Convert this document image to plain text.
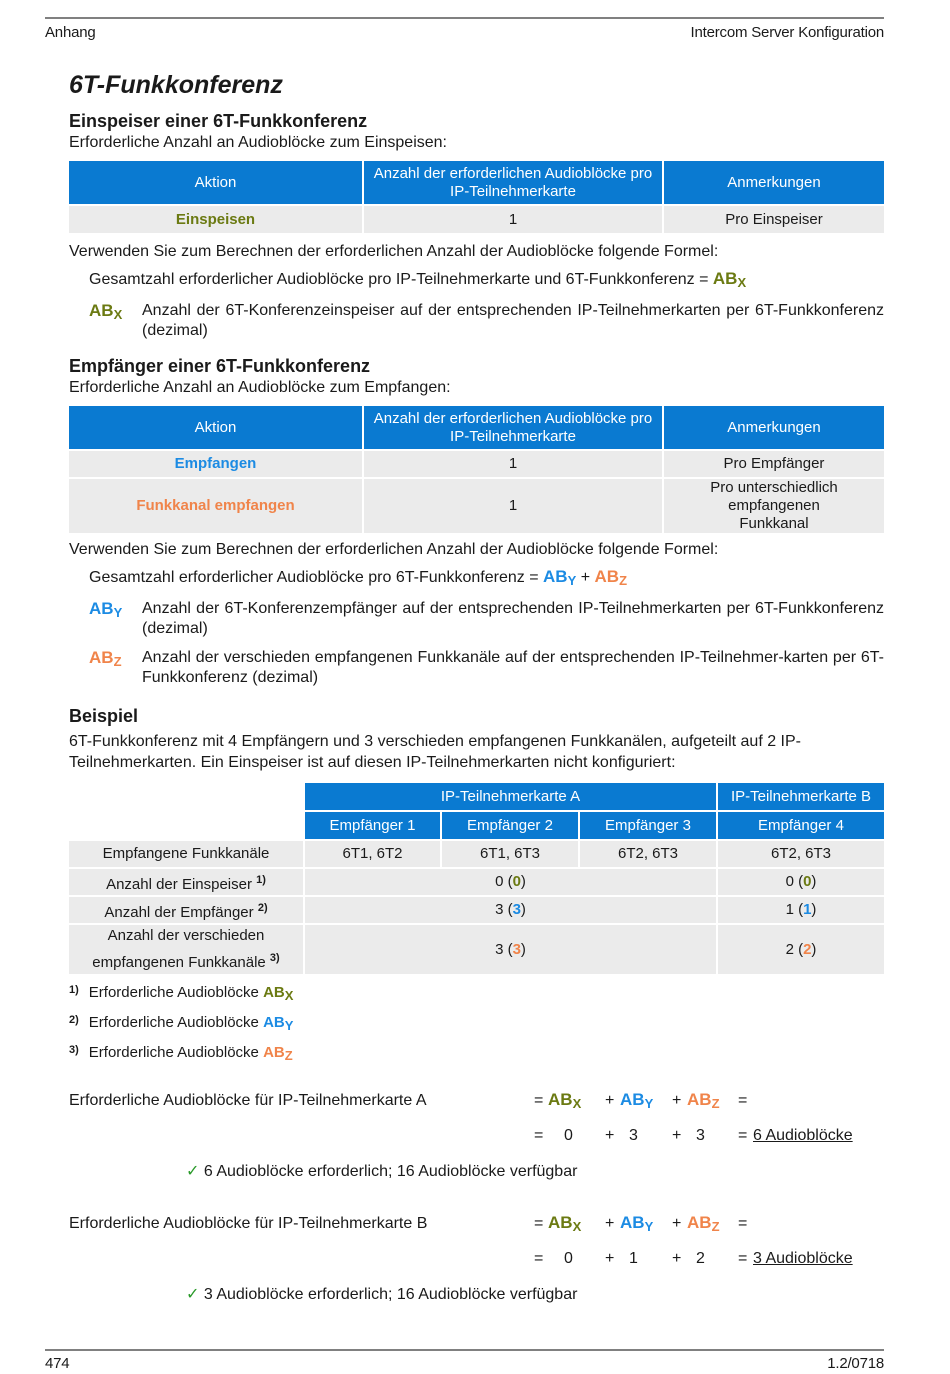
Anhang	Intercom Server Konfiguration
6T-Funkkonferenz
Einspeiser einer 6T-Funkkonferenz

Erforderliche Anzahl an Audioblöcke zum Einspeisen:

Aktion	Anzahl der erforderlichen Audioblöcke pro IP-Teilnehmerkarte	Anmerkungen
Einspeisen	1	Pro Einspeiser

Verwenden Sie zum Berechnen der erforderlichen Anzahl der Audioblöcke folgende Formel:

Gesamtzahl erforderlicher Audioblöcke pro IP-Teilnehmerkarte und 6T-Funkkonferenz = $AB_X$
$AB_X$	Anzahl der 6T-Konferenzeinspeiser auf der entsprechenden IP-Teilnehmerkarten per 6T-Funkkonferenz (dezimal)
Empfänger einer 6T-Funkkonferenz

Erforderliche Anzahl an Audioblöcke zum Empfangen:

Aktion	Anzahl der erforderlichen Audioblöcke pro IP-Teilnehmerkarte	Anmerkungen
Empfangen	1	Pro Empfänger
Funkkanal empfangen	1	Pro unterschiedlich empfangenen Funkkanal

Verwenden Sie zum Berechnen der erforderlichen Anzahl der Audioblöcke folgende Formel:

Gesamtzahl erforderlicher Audioblöcke pro 6T-Funkkonferenz = $AB_Y + AB_Z$
$AB_Y$	Anzahl der 6T-Konferenzempfänger auf der entsprechenden IP-Teilnehmerkarten per 6T-Funkkonferenz (dezimal)
$AB_Z$	Anzahl der verschieden empfangenen Funkkanäle auf der entsprechenden IP-Teilnehmer-karten per 6T-Funkkonferenz (dezimal)
Beispiel

6T-Funkkonferenz mit 4 Empfängern und 3 verschieden empfangenen Funkkanälen, aufgeteilt auf 2 IP-Teilnehmerkarten. Ein Einspeiser ist auf diesen IP-Teilnehmerkarten nicht konfiguriert:

	IP-Teilnehmerkarte A			IP-Teilnehmerkarte B
	Empfänger 1	Empfänger 2	Empfänger 3	Empfänger 4
Empfangene Funkkanäle	6T1, 6T2	6T1, 6T3	6T2, 6T3	6T2, 6T3
Anzahl der Einspeiser $^{1)}$	0 (0)			0 (0)
Anzahl der Empfänger $^{2)}$	3 (3)			1 (1)
Anzahl der verschieden
empfangenen Funkkanäle $^{3)}$	3 (3)			2 (2)
$^{1)}$ Erforderliche Audioblöcke $AB_X$
$^{2)}$ Erforderliche Audioblöcke $AB_Y$
$^{3)}$ Erforderliche Audioblöcke $AB_Z$
Erforderliche Audioblöcke für IP-Teilnehmerkarte A	= $AB_X + AB_Y + AB_Z$ =
= 0 + 3 + 3 = 6 Audioblöcke
✓ 6 Audioblöcke erforderlich; 16 Audioblöcke verfügbar
Erforderliche Audioblöcke für IP-Teilnehmerkarte B	= $AB_X + AB_Y + AB_Z$ =
= 0 + 1 + 2 = 3 Audioblöcke
✓ 3 Audioblöcke erforderlich; 16 Audioblöcke verfügbar
474	1.2/0718
